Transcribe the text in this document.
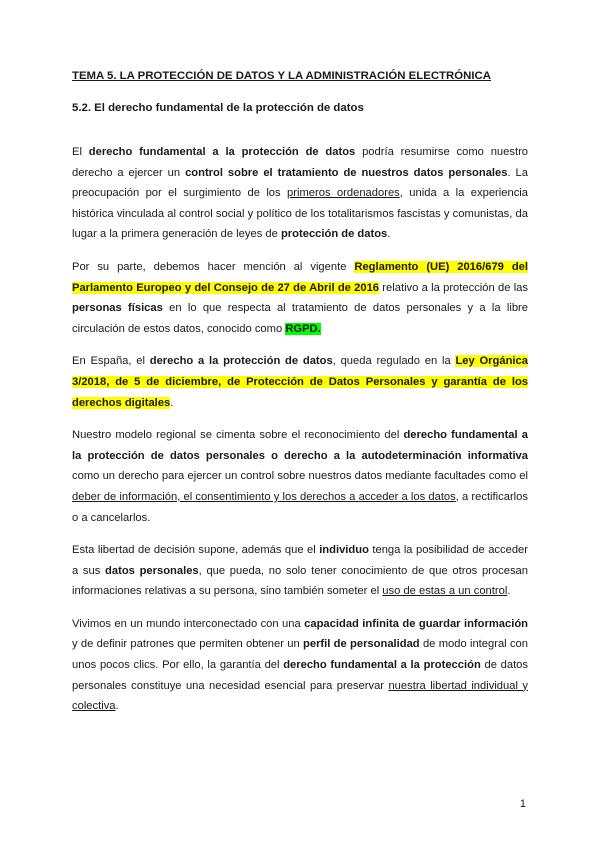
TEMA 5. LA PROTECCIÓN DE DATOS Y LA ADMINISTRACIÓN ELECTRÓNICA
5.2. El derecho fundamental de la protección de datos

El derecho fundamental a la protección de datos podría resumirse como nuestro derecho a ejercer un control sobre el tratamiento de nuestros datos personales. La preocupación por el surgimiento de los primeros ordenadores, unida a la experiencia histórica vinculada al control social y político de los totalitarismos fascistas y comunistas, da lugar a la primera generación de leyes de protección de datos.

Por su parte, debemos hacer mención al vigente Reglamento (UE) 2016/679 del Parlamento Europeo y del Consejo de 27 de Abril de 2016 relativo a la protección de las personas físicas en lo que respecta al tratamiento de datos personales y a la libre circulación de estos datos, conocido como RGPD.

En España, el derecho a la protección de datos, queda regulado en la Ley Orgánica 3/2018, de 5 de diciembre, de Protección de Datos Personales y garantía de los derechos digitales.

Nuestro modelo regional se cimenta sobre el reconocimiento del derecho fundamental a la protección de datos personales o derecho a la autodeterminación informativa como un derecho para ejercer un control sobre nuestros datos mediante facultades como el deber de información, el consentimiento y los derechos a acceder a los datos, a rectificarlos o a cancelarlos.

Esta libertad de decisión supone, además que el individuo tenga la posibilidad de acceder a sus datos personales, que pueda, no solo tener conocimiento de que otros procesan informaciones relativas a su persona, sino también someter el uso de estas a un control.

Vivimos en un mundo interconectado con una capacidad infinita de guardar información y de definir patrones que permiten obtener un perfil de personalidad de modo integral con unos pocos clics. Por ello, la garantía del derecho fundamental a la protección de datos personales constituye una necesidad esencial para preservar nuestra libertad individual y colectiva.

1
